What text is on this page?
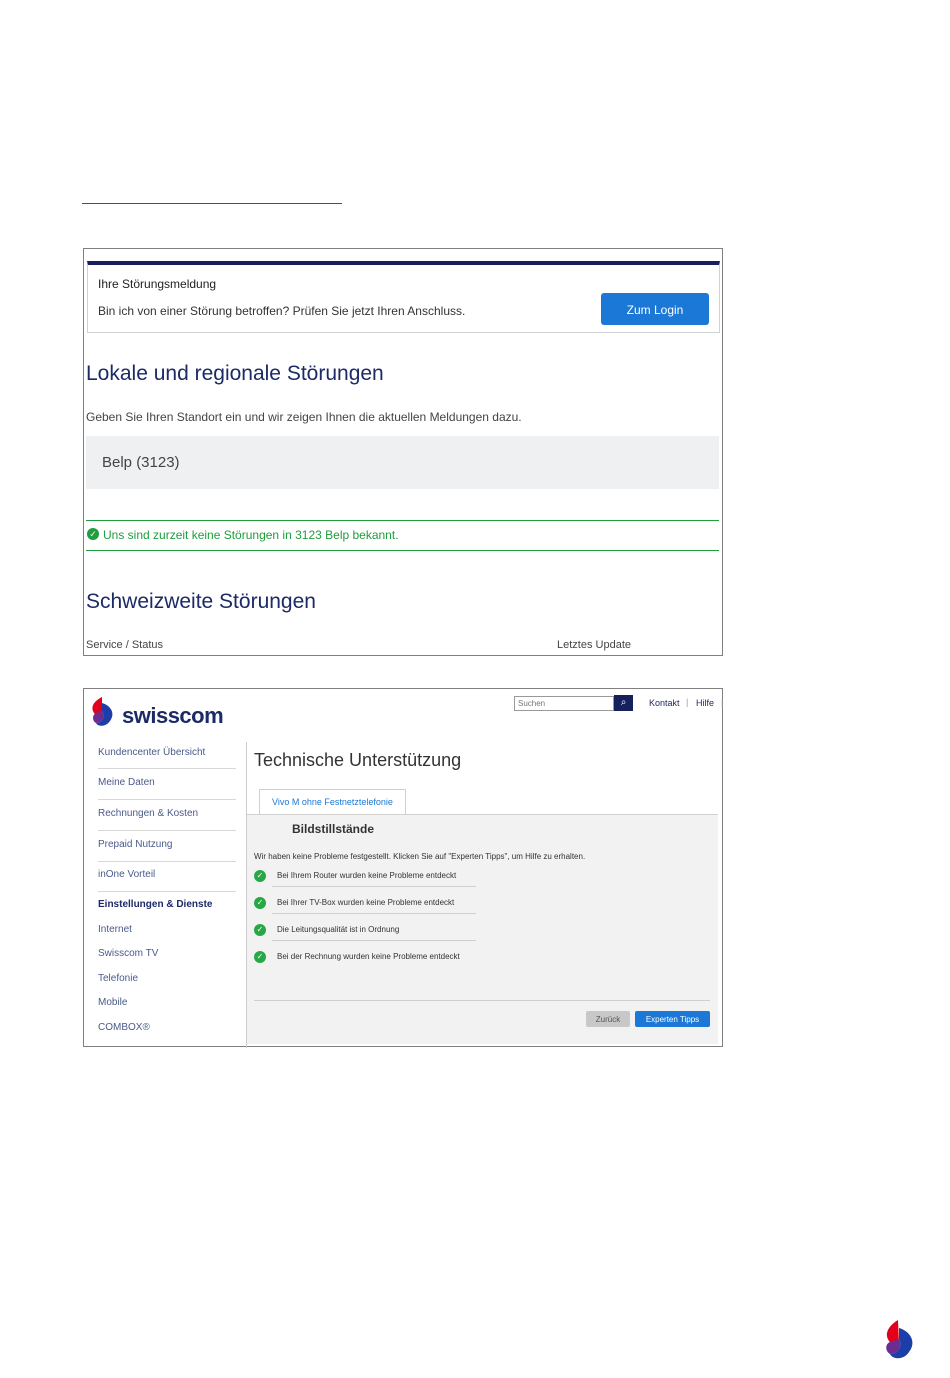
Ihre Störungsmeldung
Bin ich von einer Störung betroffen? Prüfen Sie jetzt Ihren Anschluss.	Zum Login
Lokale und regionale Störungen
Geben Sie Ihren Standort ein und wir zeigen Ihnen die aktuellen Meldungen dazu.
Belp (3123)
✓ Uns sind zurzeit keine Störungen in 3123 Belp bekannt.
Schweizweite Störungen
Service / Status	Letztes Update
swisscom
Suchen
⌕	Kontakt | Hilfe |
Kundencenter Übersicht
Meine Daten
Rechnungen & Kosten
Prepaid Nutzung
inOne Vorteil
Einstellungen & Dienste
Internet
Swisscom TV
Telefonie
Mobile
COMBOX®
Technische Unterstützung
Vivo M ohne Festnetztelefonie
Bildstillstände
Wir haben keine Probleme festgestellt. Klicken Sie auf "Experten Tipps", um Hilfe zu erhalten.
✓	Bei Ihrem Router wurden keine Probleme entdeckt
✓	Bei Ihrer TV-Box wurden keine Probleme entdeckt
✓	Die Leitungsqualität ist in Ordnung
✓	Bei der Rechnung wurden keine Probleme entdeckt
Zurück	Experten Tipps
